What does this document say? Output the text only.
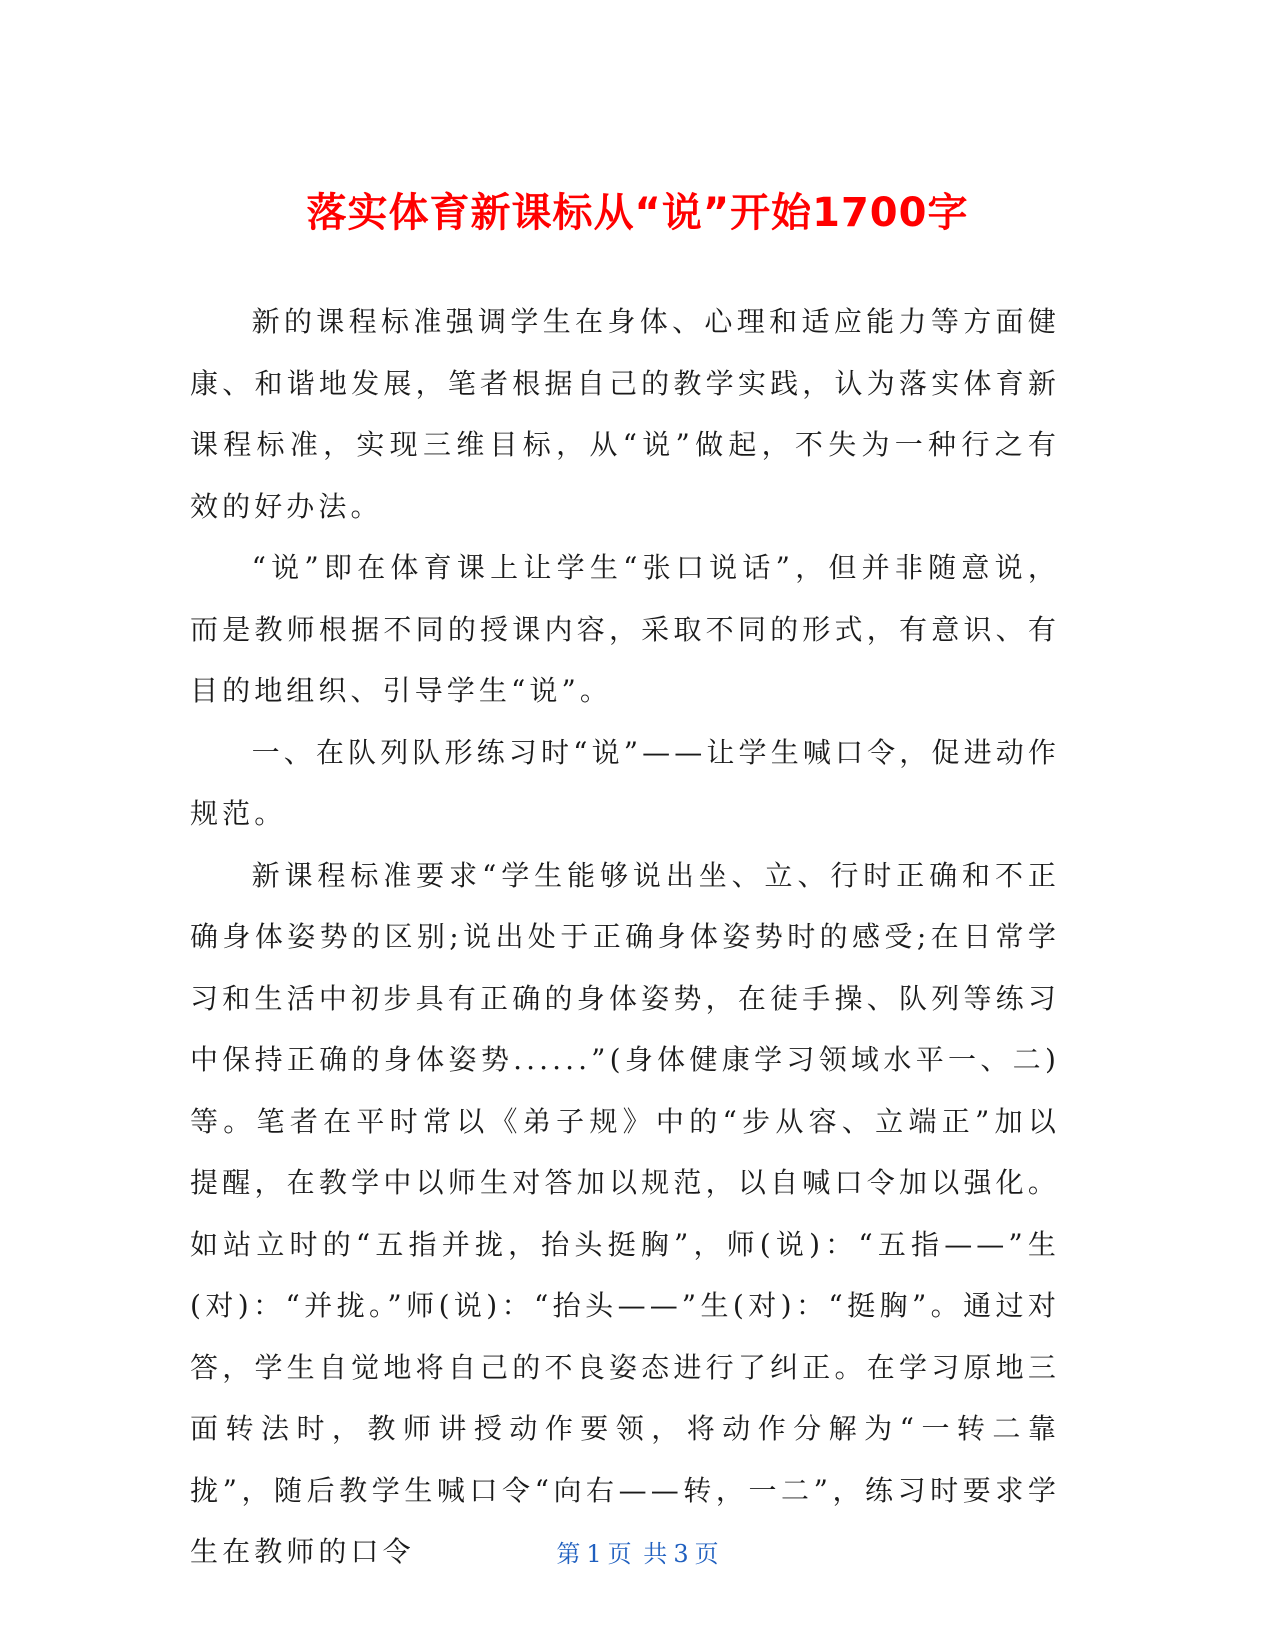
落实体育新课标从“说”开始1700字

新的课程标准强调学生在身体、心理和适应能力等方面健康、和谐地发展，笔者根据自己的教学实践，认为落实体育新课程标准，实现三维目标，从“说”做起，不失为一种行之有效的好办法。

“说”即在体育课上让学生“张口说话”，但并非随意说，而是教师根据不同的授课内容，采取不同的形式，有意识、有目的地组织、引导学生“说”。

一、在队列队形练习时“说”——让学生喊口令，促进动作规范。

新课程标准要求“学生能够说出坐、立、行时正确和不正确身体姿势的区别;说出处于正确身体姿势时的感受;在日常学习和生活中初步具有正确的身体姿势，在徒手操、队列等练习中保持正确的身体姿势......”(身体健康学习领域水平一、二)等。笔者在平时常以《弟子规》中的“步从容、立端正”加以提醒，在教学中以师生对答加以规范，以自喊口令加以强化。如站立时的“五指并拢，抬头挺胸”，师(说)：“五指——”生(对)：“并拢。”师(说)：“抬头——”生(对)：“挺胸”。通过对答，学生自觉地将自己的不良姿态进行了纠正。在学习原地三面转法时，教师讲授动作要领，将动作分解为“一转二靠拢”，随后教学生喊口令“向右——转，一二”，练习时要求学生在教师的口令	第 1 页 共 3 页
